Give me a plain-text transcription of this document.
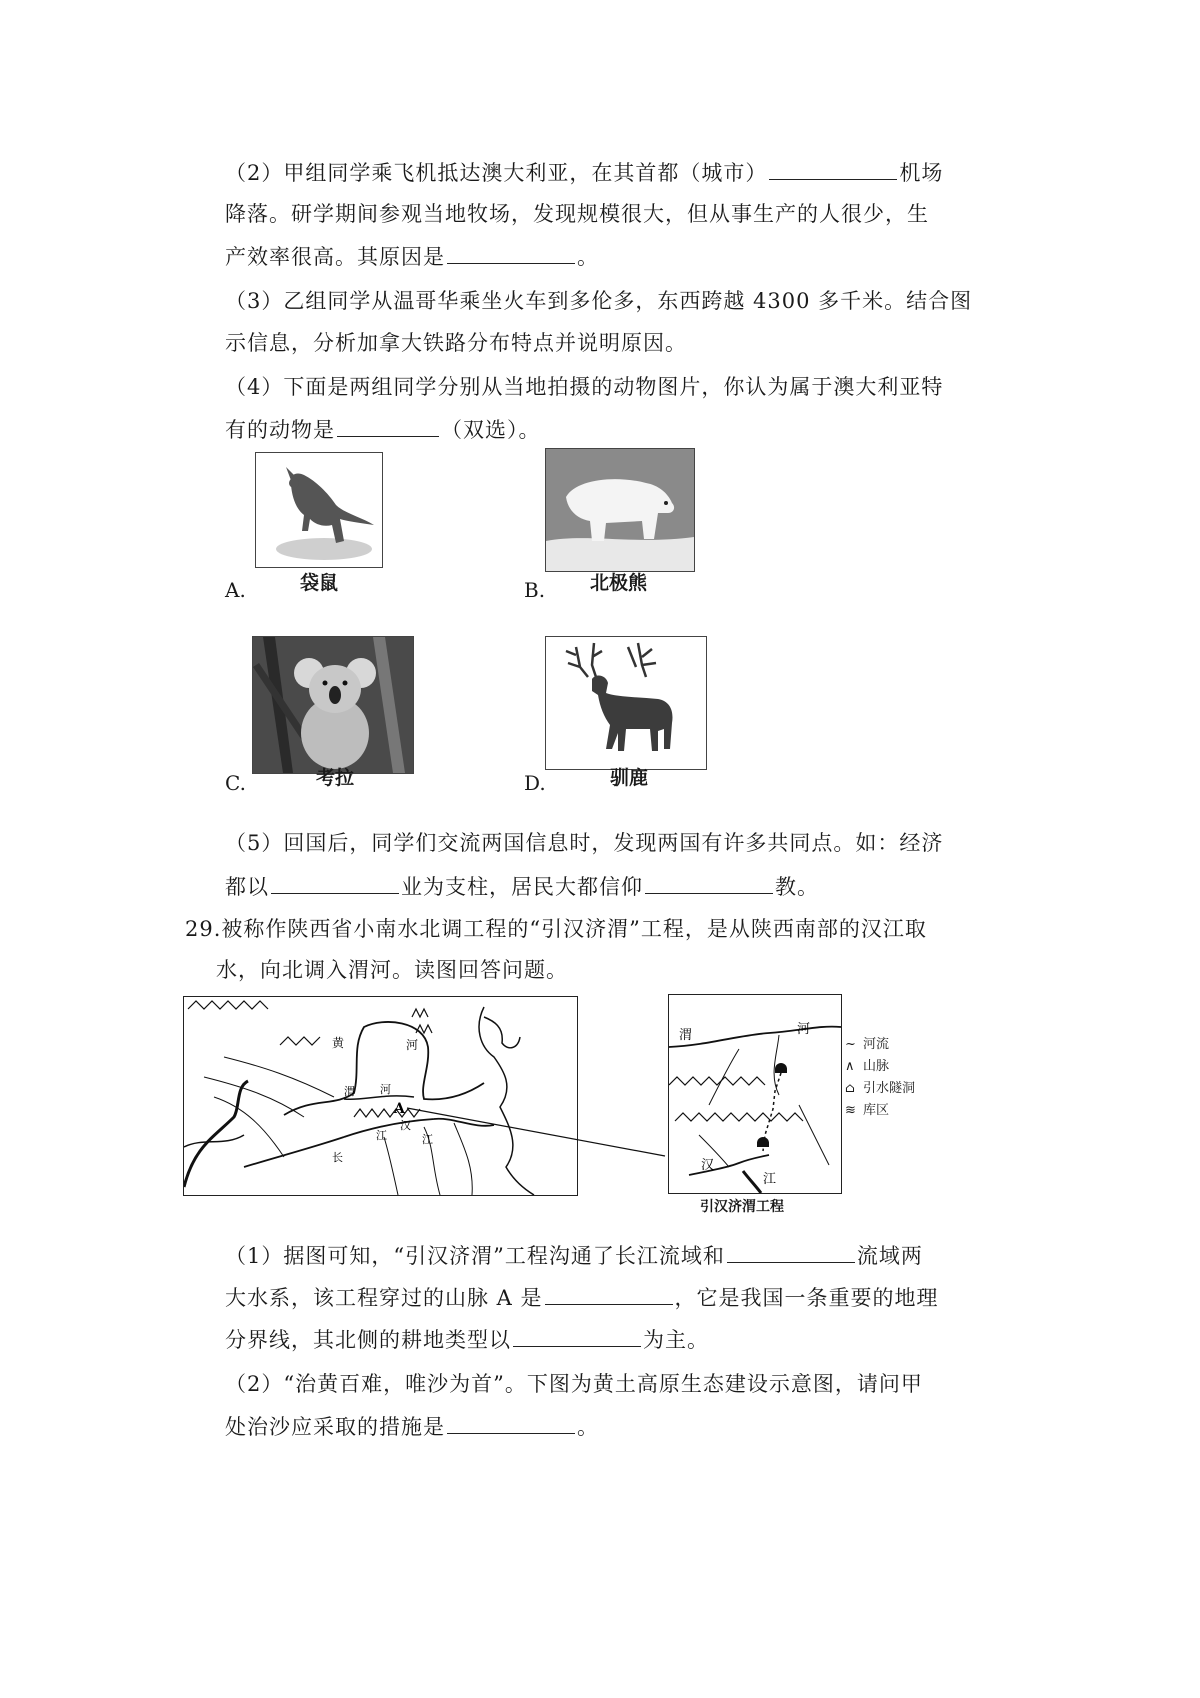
（2）甲组同学乘飞机抵达澳大利亚，在其首都（城市）	机场
降落。研学期间参观当地牧场，发现规模很大，但从事生产的人很少，生
产效率很高。其原因是	。
（3）乙组同学从温哥华乘坐火车到多伦多，东西跨越 4300 多千米。结合图
示信息，分析加拿大铁路分布特点并说明原因。
（4）下面是两组同学分别从当地拍摄的动物图片，你认为属于澳大利亚特
有的动物是	（双选）。
A.	袋鼠	B. 北极熊
C.	考拉	D.	驯鹿
（5）回国后，同学们交流两国信息时，发现两国有许多共同点。如：经济
都以	业为支柱，居民大都信仰	教。
29.被称作陕西省小南水北调工程的“引汉济渭”工程，是从陕西南部的汉江取
水，向北调入渭河。读图回答问题。
黄	河
渭 河
A
汉
江	江
长
渭	河
汉
江
引汉济渭工程
~ 河流
∧ 山脉
⌂ 引水隧洞
≋ 库区
（1）据图可知，“引汉济渭”工程沟通了长江流域和	流域两
大水系，该工程穿过的山脉 A 是	，它是我国一条重要的地理
分界线，其北侧的耕地类型以	为主。
（2）“治黄百难，唯沙为首”。下图为黄土高原生态建设示意图，请问甲
处治沙应采取的措施是	。
